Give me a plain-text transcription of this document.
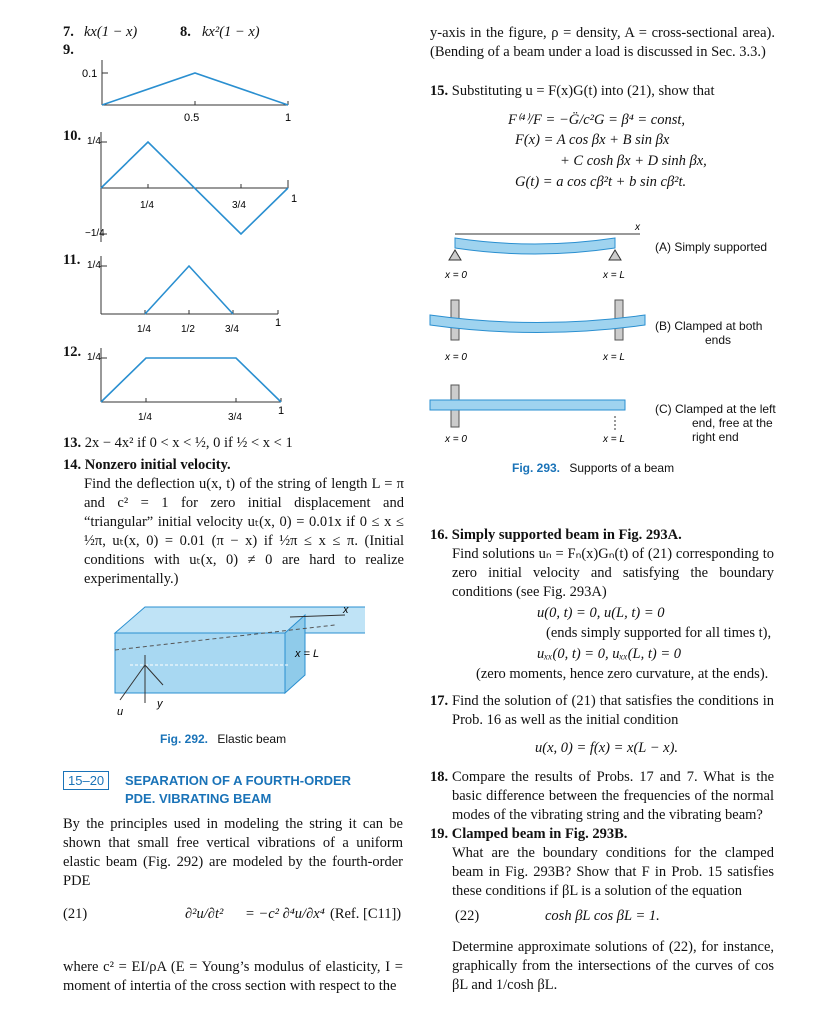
7. kx(1 − x)	8. kx²(1 − x)
9.
0.1
0.5	1
10. 1/4
−1/4
1/4	3/4
1
11. 1/4
1/4	1/2	3/4
1
12. 1/4
1/4	3/4
1
13. 2x − 4x² if 0 < x < ½, 0 if ½ < x < 1
14. Nonzero initial velocity.
Find the deflection u(x, t) of the string of length L = π and c² = 1 for zero initial displacement and “triangular” initial velocity uₜ(x, 0) = 0.01x if 0 ≤ x ≤ ½π, uₜ(x, 0) = 0.01 (π − x) if ½π ≤ x ≤ π. (Initial conditions with uₜ(x, 0) ≠ 0 are hard to realize experimentally.)
x
x = L
u
y
Fig. 292. Elastic beam
15–20	SEPARATION OF A FOURTH-ORDER
PDE. VIBRATING BEAM
By the principles used in modeling the string it can be shown that small free vertical vibrations of a uniform elastic beam (Fig. 292) are modeled by the fourth-order PDE
(21)	∂²u/∂t² = −c² ∂⁴u/∂x⁴ (Ref. [C11])
where c² = EI/ρA (E = Young’s modulus of elasticity, I = moment of intertia of the cross section with respect to the
y-axis in the figure, ρ = density, A = cross-sectional area). (Bending of a beam under a load is discussed in Sec. 3.3.)
15. Substituting u = F(x)G(t) into (21), show that
F⁽⁴⁾/F = −G̈/c²G = β⁴ = const,
F(x) = A cos βx + B sin βx
+ C cosh βx + D sinh βx,
G(t) = a cos cβ²t + b sin cβ²t.
x
x = 0	x = L
x = 0	x = L
x = 0	x = L
(A) Simply supported
(B) Clamped at both
ends
(C) Clamped at the left
end, free at the
right end
Fig. 293. Supports of a beam
16. Simply supported beam in Fig. 293A.
Find solutions uₙ = Fₙ(x)Gₙ(t) of (21) corresponding to zero initial velocity and satisfying the boundary conditions (see Fig. 293A)
u(0, t) = 0, u(L, t) = 0
(ends simply supported for all times t),
uₓₓ(0, t) = 0, uₓₓ(L, t) = 0
(zero moments, hence zero curvature, at the ends).
17. Find the solution of (21) that satisfies the conditions in Prob. 16 as well as the initial condition
u(x, 0) = f(x) = x(L − x).
18. Compare the results of Probs. 17 and 7. What is the basic difference between the frequencies of the normal modes of the vibrating string and the vibrating beam?
19. Clamped beam in Fig. 293B.
What are the boundary conditions for the clamped beam in Fig. 293B? Show that F in Prob. 15 satisfies these conditions if βL is a solution of the equation
(22)	cosh βL cos βL = 1.
Determine approximate solutions of (22), for instance, graphically from the intersections of the curves of cos βL and 1/cosh βL.
